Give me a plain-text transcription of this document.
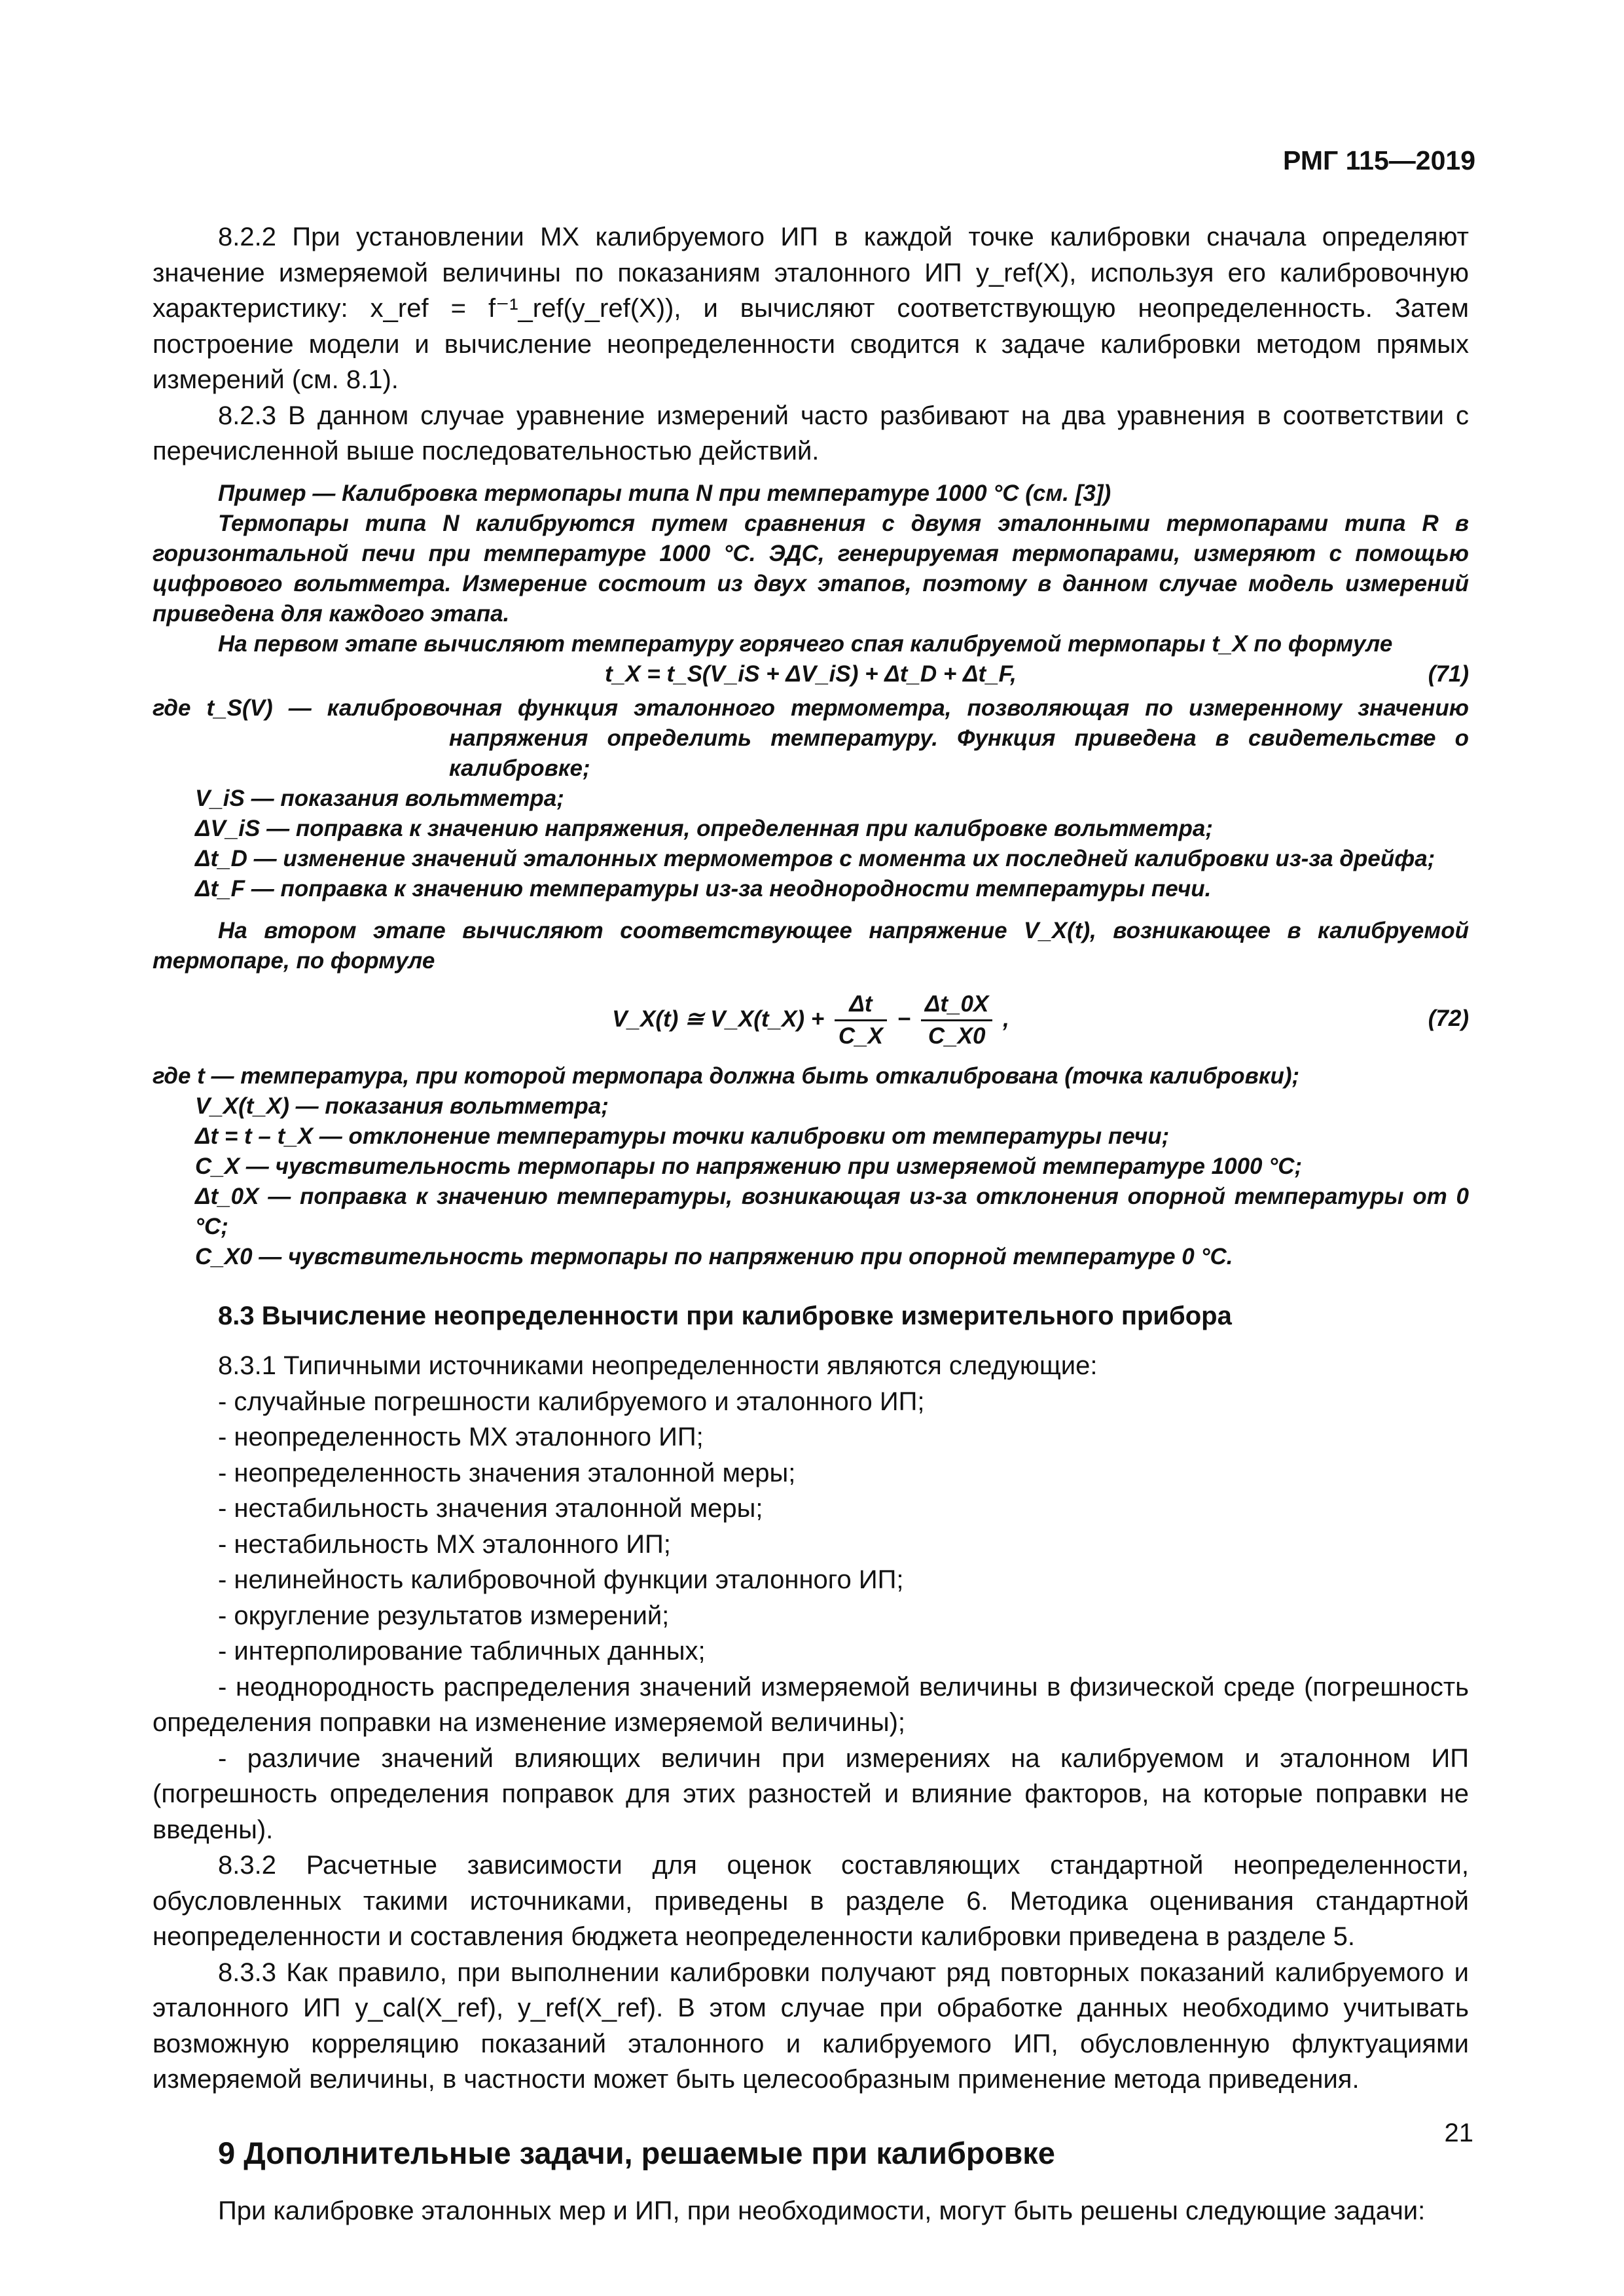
РМГ 115—2019

8.2.2 При установлении МХ калибруемого ИП в каждой точке калибровки сначала определяют значение измеряемой величины по показаниям эталонного ИП y_ref(X), используя его калибровочную характеристику: x_ref = f⁻¹_ref(y_ref(X)), и вычисляют соответствующую неопределенность. Затем построение модели и вычисление неопределенности сводится к задаче калибровки методом прямых измерений (см. 8.1).

8.2.3 В данном случае уравнение измерений часто разбивают на два уравнения в соответствии с перечисленной выше последовательностью действий.

Пример — Калибровка термопары типа N при температуре 1000 °С (см. [3])

Термопары типа N калибруются путем сравнения с двумя эталонными термопарами типа R в горизонтальной печи при температуре 1000 °С. ЭДС, генерируемая термопарами, измеряют с помощью цифрового вольтметра. Измерение состоит из двух этапов, поэтому в данном случае модель измерений приведена для каждого этапа.

На первом этапе вычисляют температуру горячего спая калибруемой термопары t_X по формуле

t_X = t_S(V_iS + ΔV_iS) + Δt_D + Δt_F,	(71)

где t_S(V) — калибровочная функция эталонного термометра, позволяющая по измеренному значению напряжения определить температуру. Функция приведена в свидетельстве о калибровке;

V_iS — показания вольтметра;

ΔV_iS — поправка к значению напряжения, определенная при калибровке вольтметра;

Δt_D — изменение значений эталонных термометров с момента их последней калибровки из-за дрейфа;

Δt_F — поправка к значению температуры из-за неоднородности температуры печи.

На втором этапе вычисляют соответствующее напряжение V_X(t), возникающее в калибруемой термопаре, по формуле

V_X(t) ≅ V_X(t_X) + $\frac{\Delta t}{C\_X} - \frac{\Delta t\_0X}{C\_X0}$ ,	(72)

где t — температура, при которой термопара должна быть откалибрована (точка калибровки);

V_X(t_X) — показания вольтметра;

Δt = t – t_X — отклонение температуры точки калибровки от температуры печи;

C_X — чувствительность термопары по напряжению при измеряемой температуре 1000 °С;

Δt_0X — поправка к значению температуры, возникающая из-за отклонения опорной температуры от 0 °С;

C_X0 — чувствительность термопары по напряжению при опорной температуре 0 °С.

8.3 Вычисление неопределенности при калибровке измерительного прибора

8.3.1 Типичными источниками неопределенности являются следующие:

- случайные погрешности калибруемого и эталонного ИП;

- неопределенность МХ эталонного ИП;

- неопределенность значения эталонной меры;

- нестабильность значения эталонной меры;

- нестабильность МХ эталонного ИП;

- нелинейность калибровочной функции эталонного ИП;

- округление результатов измерений;

- интерполирование табличных данных;

- неоднородность распределения значений измеряемой величины в физической среде (погрешность определения поправки на изменение измеряемой величины);

- различие значений влияющих величин при измерениях на калибруемом и эталонном ИП (погрешность определения поправок для этих разностей и влияние факторов, на которые поправки не введены).

8.3.2 Расчетные зависимости для оценок составляющих стандартной неопределенности, обусловленных такими источниками, приведены в разделе 6. Методика оценивания стандартной неопределенности и составления бюджета неопределенности калибровки приведена в разделе 5.

8.3.3 Как правило, при выполнении калибровки получают ряд повторных показаний калибруемого и эталонного ИП y_cal(X_ref), y_ref(X_ref). В этом случае при обработке данных необходимо учитывать возможную корреляцию показаний эталонного и калибруемого ИП, обусловленную флуктуациями измеряемой величины, в частности может быть целесообразным применение метода приведения.

9 Дополнительные задачи, решаемые при калибровке

При калибровке эталонных мер и ИП, при необходимости, могут быть решены следующие задачи:

21
